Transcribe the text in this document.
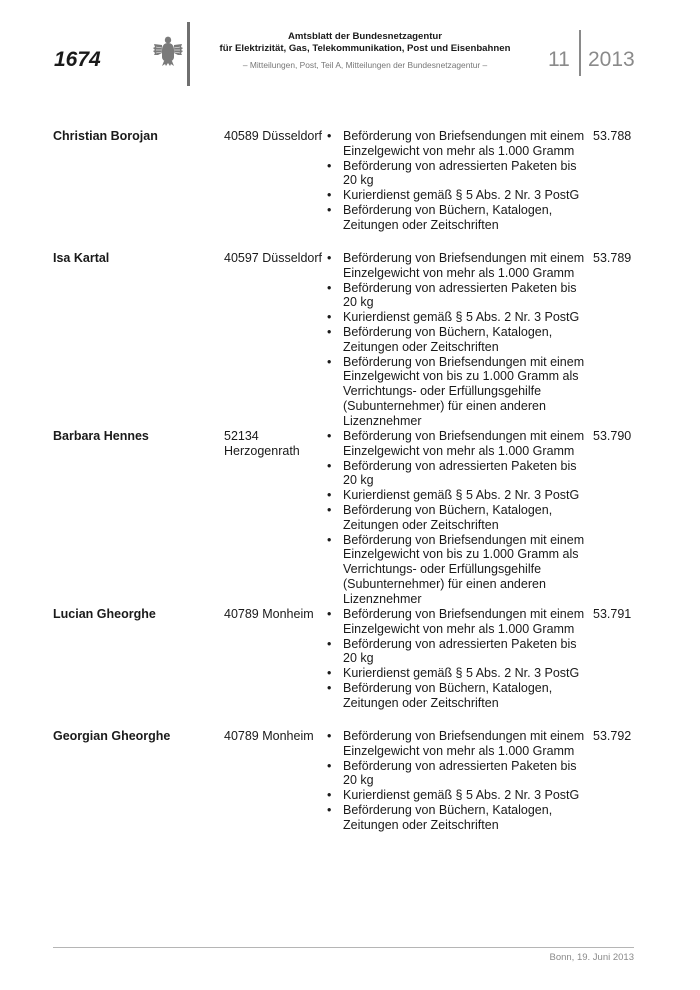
1674
Amtsblatt der Bundesnetzagentur
für Elektrizität, Gas, Telekommunikation, Post und Eisenbahnen
– Mitteilungen, Post, Teil A, Mitteilungen der Bundesnetzagentur –	11 2013
Christian Borojan	40589 Düsseldorf • Beförderung von Briefsendungen mit einem Einzelgewicht von mehr als 1.000 Gramm
• Beförderung von adressierten Paketen bis 20 kg
• Kurierdienst gemäß § 5 Abs. 2 Nr. 3 PostG
• Beförderung von Büchern, Katalogen, Zeitungen oder Zeitschriften
53.788
Isa Kartal	40597 Düsseldorf • Beförderung von Briefsendungen mit einem Einzelgewicht von mehr als 1.000 Gramm
• Beförderung von adressierten Paketen bis 20 kg
• Kurierdienst gemäß § 5 Abs. 2 Nr. 3 PostG
• Beförderung von Büchern, Katalogen, Zeitungen oder Zeitschriften
• Beförderung von Briefsendungen mit einem Einzelgewicht von bis zu 1.000 Gramm als Verrichtungs- oder Erfüllungsgehilfe (Subunternehmer) für einen anderen Lizenznehmer
53.789
Barbara Hennes	52134 Herzogenrath
• Beförderung von Briefsendungen mit einem Einzelgewicht von mehr als 1.000 Gramm
• Beförderung von adressierten Paketen bis 20 kg
• Kurierdienst gemäß § 5 Abs. 2 Nr. 3 PostG
• Beförderung von Büchern, Katalogen, Zeitungen oder Zeitschriften
• Beförderung von Briefsendungen mit einem Einzelgewicht von bis zu 1.000 Gramm als Verrichtungs- oder Erfüllungsgehilfe (Subunternehmer) für einen anderen Lizenznehmer
53.790
Lucian Gheorghe	40789 Monheim	• Beförderung von Briefsendungen mit einem Einzelgewicht von mehr als 1.000 Gramm
• Beförderung von adressierten Paketen bis 20 kg
• Kurierdienst gemäß § 5 Abs. 2 Nr. 3 PostG
• Beförderung von Büchern, Katalogen, Zeitungen oder Zeitschriften
53.791
Georgian Gheorghe	40789 Monheim	• Beförderung von Briefsendungen mit einem Einzelgewicht von mehr als 1.000 Gramm
• Beförderung von adressierten Paketen bis 20 kg
• Kurierdienst gemäß § 5 Abs. 2 Nr. 3 PostG
• Beförderung von Büchern, Katalogen, Zeitungen oder Zeitschriften
53.792
Bonn, 19. Juni 2013
